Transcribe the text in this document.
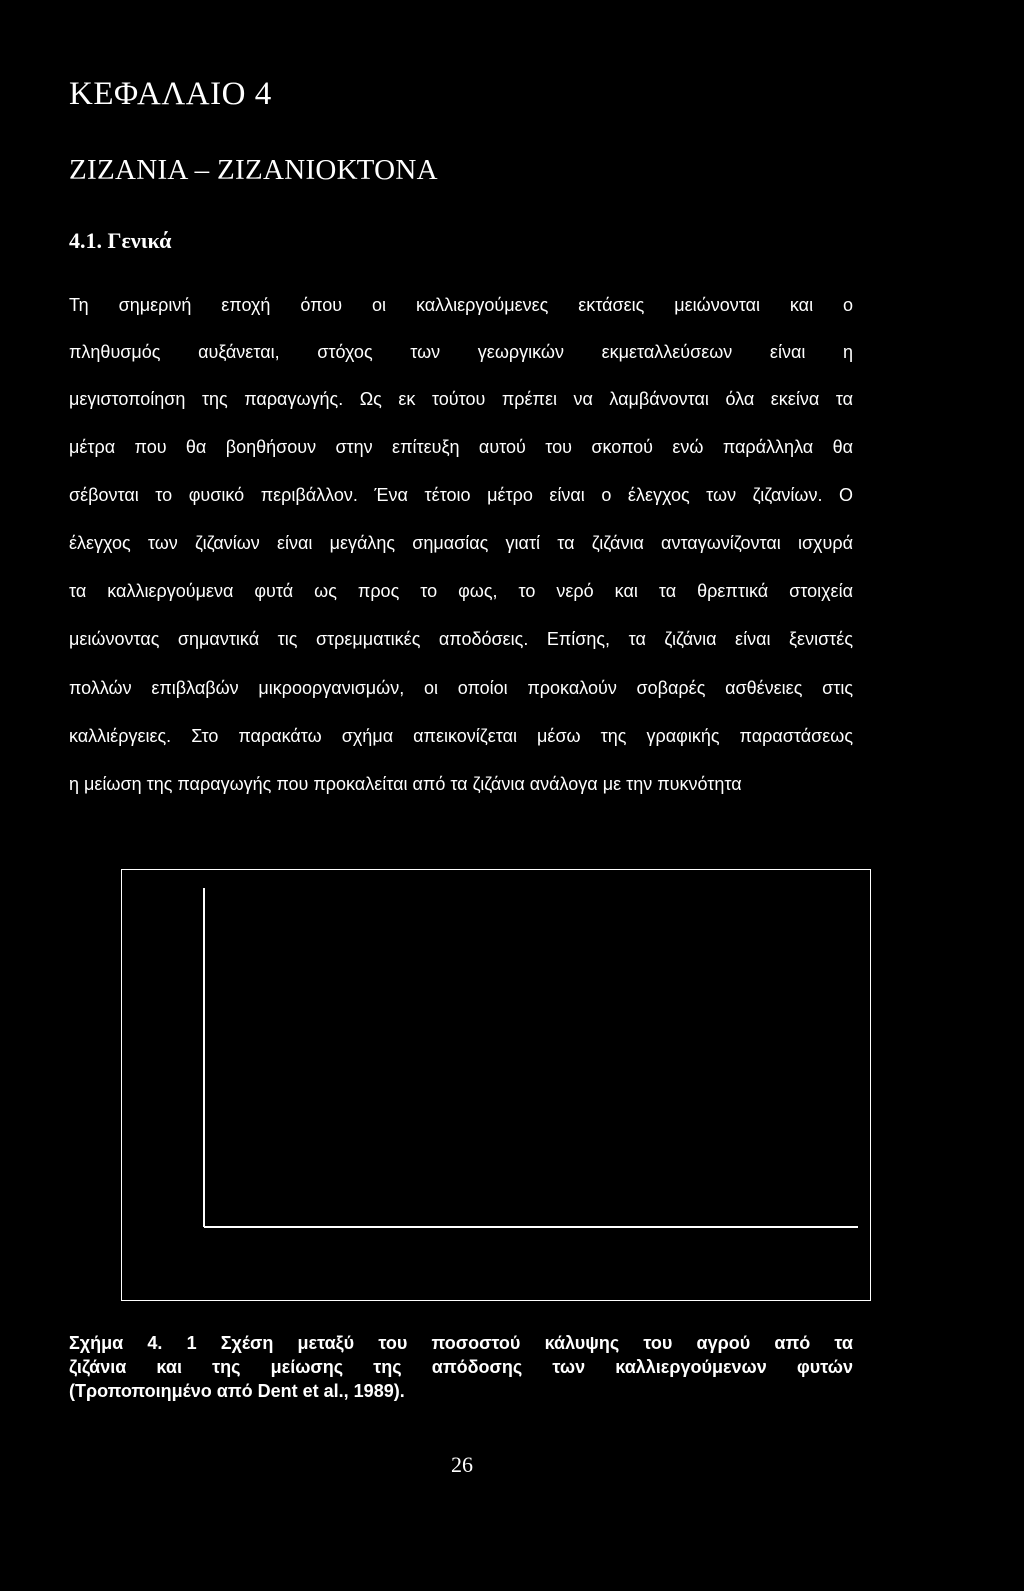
ΚΕΦΑΛΑΙΟ 4
ΖΙΖΑΝΙΑ – ΖΙΖΑΝΙΟΚΤΟΝΑ
4.1. Γενικά
Τη σημερινή εποχή όπου οι καλλιεργούμενες εκτάσεις μειώνονται και ο
πληθυσμός αυξάνεται, στόχος των γεωργικών εκμεταλλεύσεων είναι η
μεγιστοποίηση της παραγωγής. Ως εκ τούτου πρέπει να λαμβάνονται όλα εκείνα τα
μέτρα που θα βοηθήσουν στην επίτευξη αυτού του σκοπού ενώ παράλληλα θα
σέβονται το φυσικό περιβάλλον. Ένα τέτοιο μέτρο είναι ο έλεγχος των ζιζανίων. Ο
έλεγχος των ζιζανίων είναι μεγάλης σημασίας γιατί τα ζιζάνια ανταγωνίζονται ισχυρά
τα καλλιεργούμενα φυτά ως προς το φως, το νερό και τα θρεπτικά στοιχεία
μειώνοντας σημαντικά τις στρεμματικές αποδόσεις. Επίσης, τα ζιζάνια είναι ξενιστές
πολλών επιβλαβών μικροοργανισμών, οι οποίοι προκαλούν σοβαρές ασθένειες στις
καλλιέργειες. Στο παρακάτω σχήμα απεικονίζεται μέσω της γραφικής παραστάσεως
η μείωση της παραγωγής που προκαλείται από τα ζιζάνια ανάλογα με την πυκνότητα
Σχήμα 4. 1 Σχέση μεταξύ του ποσοστού κάλυψης του αγρού από τα
ζιζάνια και της μείωσης της απόδοσης των καλλιεργούμενων φυτών
(Τροποποιημένο από Dent et al., 1989).
26
